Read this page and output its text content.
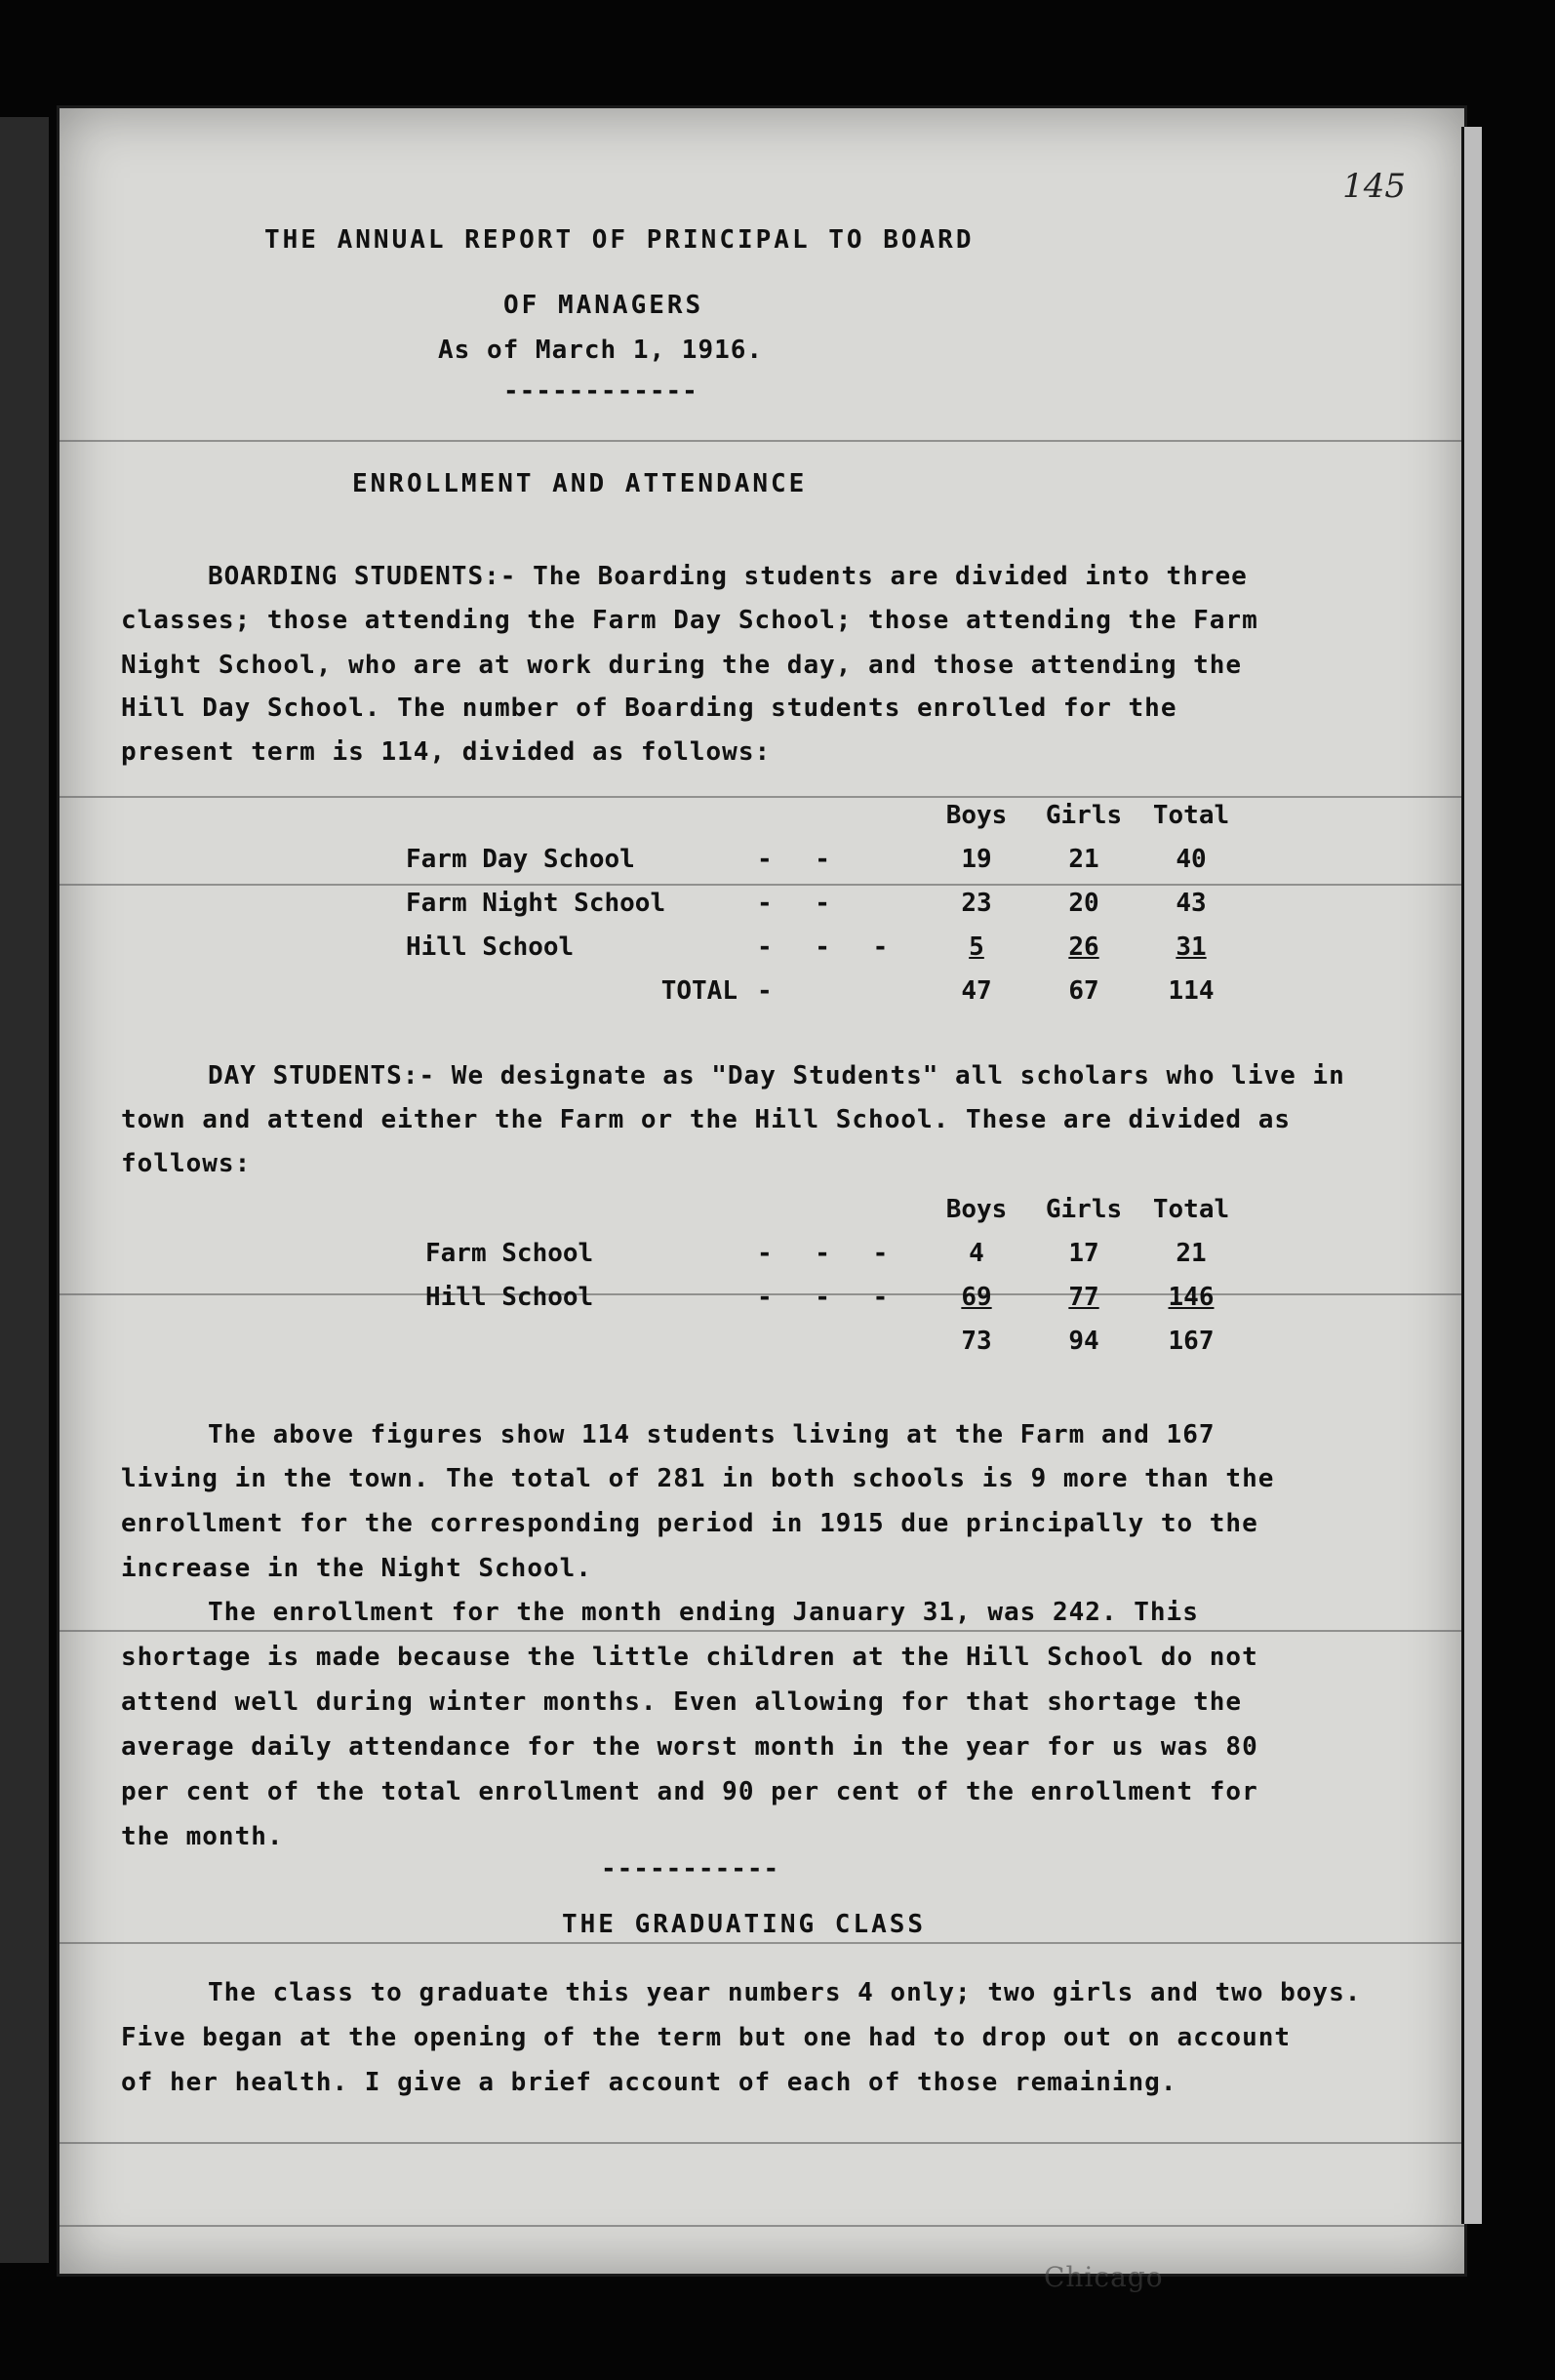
145
THE ANNUAL REPORT OF PRINCIPAL TO BOARD
OF MANAGERS
As of March 1, 1916.
------------
ENROLLMENT AND ATTENDANCE
BOARDING STUDENTS:- The Boarding students are divided into three
classes; those attending the Farm Day School; those attending the Farm
Night School, who are at work during the day, and those attending the
Hill Day School. The number of Boarding students enrolled for the
present term is 114, divided as follows:
		Boys	Girls	Total
Farm Day School	- -	19	21	40
Farm Night School	- -	23	20	43
Hill School	- - -	5	26	31
TOTAL	-	47	67	114
DAY STUDENTS:- We designate as "Day Students" all scholars who live in
town and attend either the Farm or the Hill School. These are divided as
follows:
		Boys	Girls	Total
Farm School	- - -	4	17	21
Hill School	- - -	69	77	146
		73	94	167
The above figures show 114 students living at the Farm and 167
living in the town. The total of 281 in both schools is 9 more than the
enrollment for the corresponding period in 1915 due principally to the
increase in the Night School.
The enrollment for the month ending January 31, was 242. This
shortage is made because the little children at the Hill School do not
attend well during winter months. Even allowing for that shortage the
average daily attendance for the worst month in the year for us was 80
per cent of the total enrollment and 90 per cent of the enrollment for
the month.
-----------
THE GRADUATING CLASS
The class to graduate this year numbers 4 only; two girls and two boys.
Five began at the opening of the term but one had to drop out on account
of her health. I give a brief account of each of those remaining.
Chicago
